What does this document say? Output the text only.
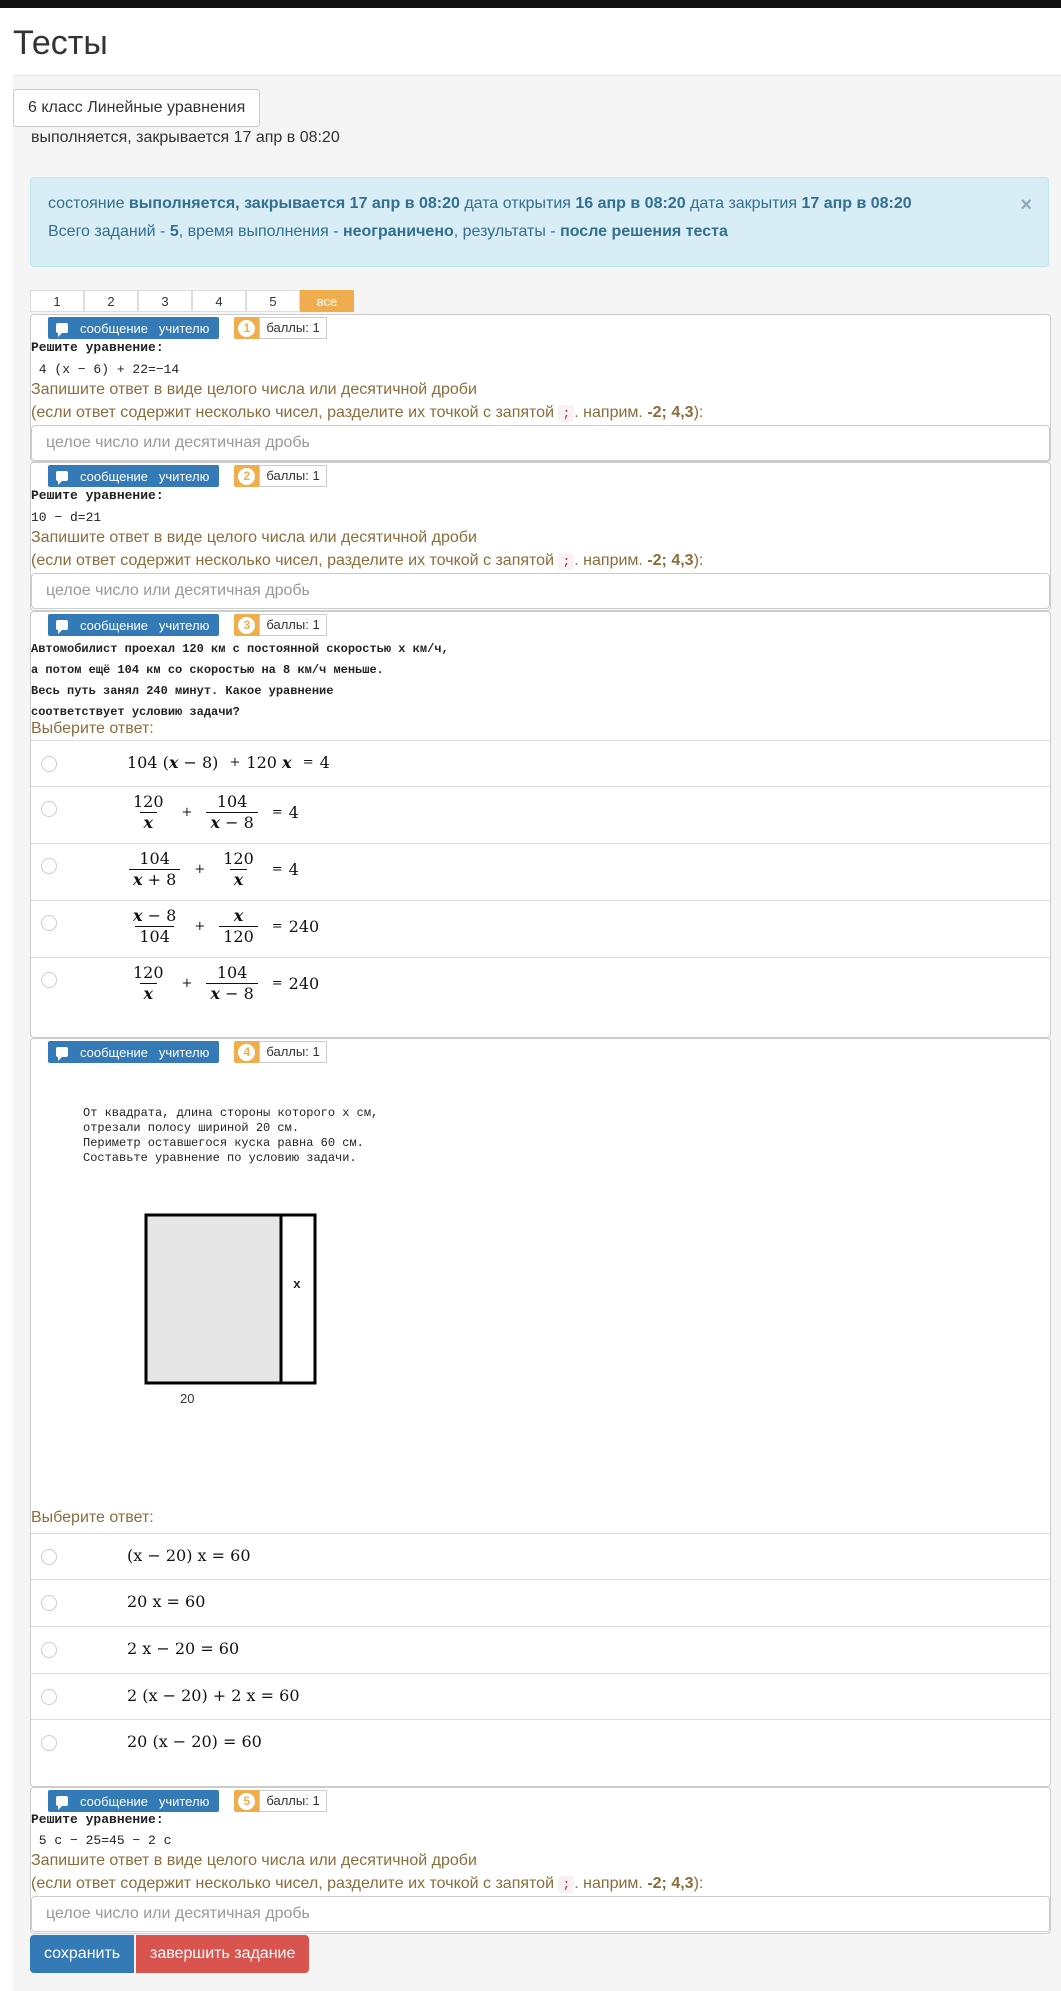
Тесты
6 класс Линейные уравнения
выполняется, закрывается 17 апр в 08:20
состояние выполняется, закрывается 17 апр в 08:20 дата открытия 16 апр в 08:20 дата закрытия 17 апр в 08:20
Всего заданий - 5, время выполнения - неограничено, результаты - после решения теста
×
1	2	3	4	5	все
сообщение   учителю	1	баллы: 1
Решите уравнение:
4 (x − 6) + 22=−14
Запишите ответ в виде целого числа или десятичной дроби
(если ответ содержит несколько чисел, разделите их точкой с запятой ; . наприм. -2; 4,3):
целое число или десятичная дробь
сообщение   учителю	2	баллы: 1
Решите уравнение:
10 − d=21
Запишите ответ в виде целого числа или десятичной дроби
(если ответ содержит несколько чисел, разделите их точкой с запятой ; . наприм. -2; 4,3):
целое число или десятичная дробь
сообщение   учителю	3	баллы: 1
Автомобилист проехал 120 км с постоянной скоростью x км/ч,
а потом ещё 104 км со скоростью на 8 км/ч меньше.
Весь путь занял 240 минут. Какое уравнение
соответствует условию задачи?
Выберите ответ:
104 ( x − 8) + 120 x
= 4
$\frac{120}{x} + \frac{104}{x - 8} = 4$
$\frac{104}{x + 8} + \frac{120}{x} = 4$
$\frac{x - 8}{104} + \frac{x}{120} = 240$
$\frac{120}{x} + \frac{104}{x - 8} = 240$
сообщение   учителю	4	баллы: 1
От квадрата, длина стороны которого x см,
отрезали полосу шириной 20 см.
Периметр оставшегося куска равна 60 см.
Составьте уравнение по условию задачи.
x
20
Выберите ответ:
(x − 20) x = 60
20 x = 60
2 x − 20 = 60
2 (x − 20) + 2 x = 60
20 (x − 20) = 60
сообщение   учителю	5	баллы: 1
Решите уравнение:
5 c − 25=45 − 2 c
Запишите ответ в виде целого числа или десятичной дроби
(если ответ содержит несколько чисел, разделите их точкой с запятой ; . наприм. -2; 4,3):
целое число или десятичная дробь
сохранить	завершить задание
